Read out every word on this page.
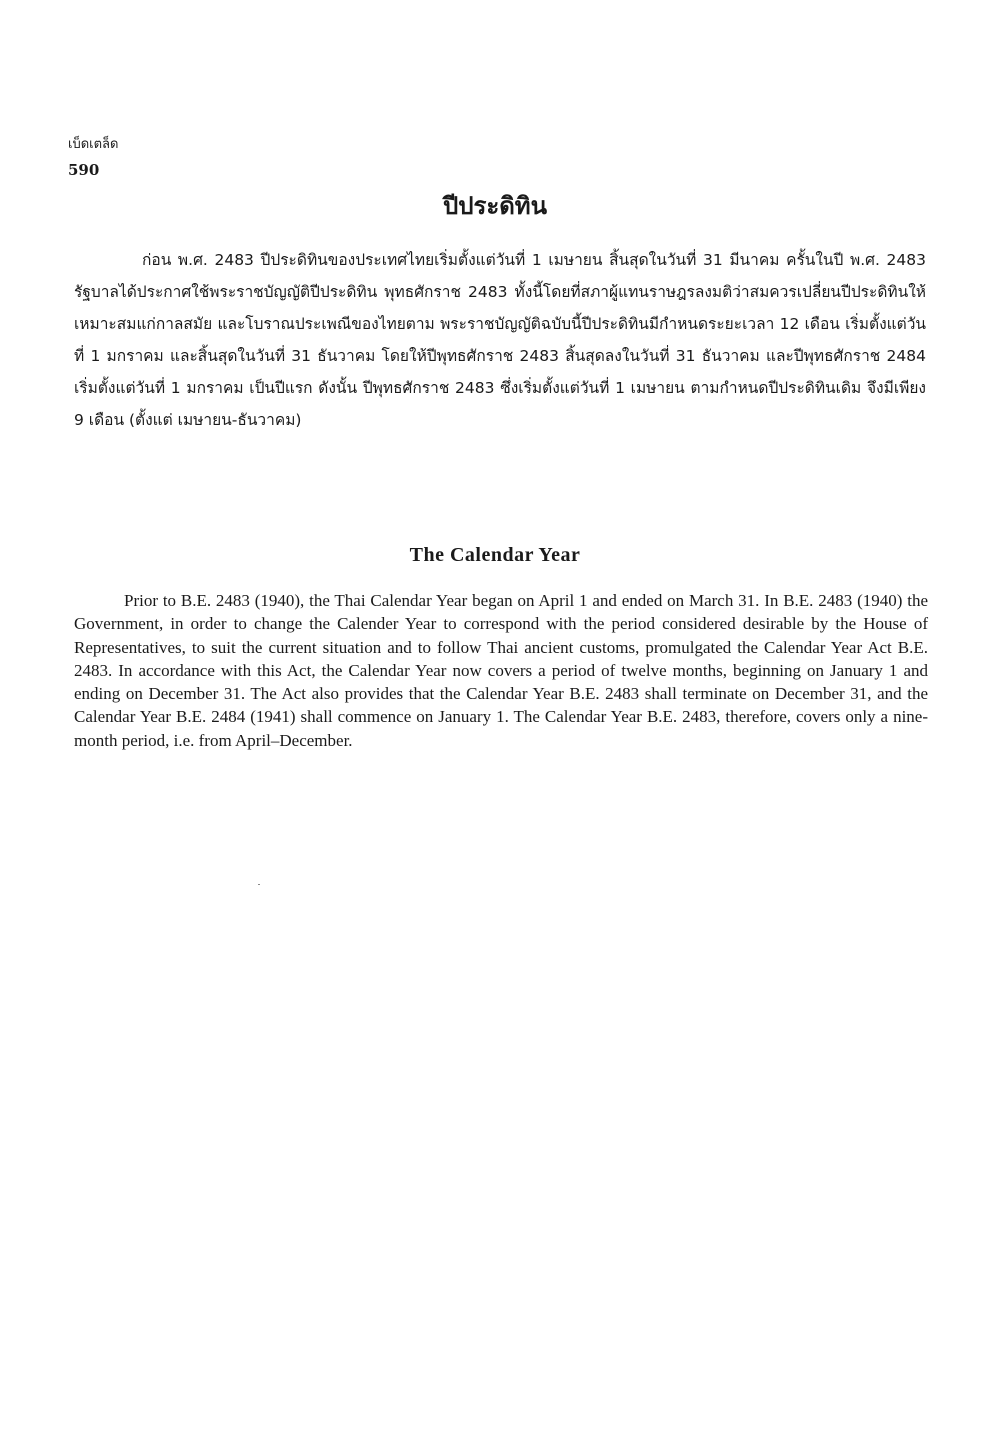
เบ็ดเตล็ด
590
ปีประดิทิน
ก่อน พ.ศ. 2483 ปีประดิทินของประเทศไทยเริ่มตั้งแต่วันที่ 1 เมษายน สิ้นสุดในวันที่ 31 มีนาคม ครั้นในปี พ.ศ. 2483 รัฐบาลได้ประกาศใช้พระราชบัญญัติปีประดิทิน พุทธศักราช 2483 ทั้งนี้โดยที่สภาผู้แทนราษฎรลงมติว่าสมควรเปลี่ยนปีประดิทินให้เหมาะสมแก่กาลสมัย และโบราณประเพณีของไทยตาม พระราชบัญญัติฉบับนี้ปีประดิทินมีกำหนดระยะเวลา 12 เดือน เริ่มตั้งแต่วันที่ 1 มกราคม และสิ้นสุดในวันที่ 31 ธันวาคม โดยให้ปีพุทธศักราช 2483 สิ้นสุดลงในวันที่ 31 ธันวาคม และปีพุทธศักราช 2484 เริ่มตั้งแต่วันที่ 1 มกราคม เป็นปีแรก ดังนั้น ปีพุทธศักราช 2483 ซึ่งเริ่มตั้งแต่วันที่ 1 เมษายน ตามกำหนดปีประดิทินเดิม จึงมีเพียง 9 เดือน (ตั้งแต่ เมษายน-ธันวาคม)
The Calendar Year
Prior to B.E. 2483 (1940), the Thai Calendar Year began on April 1 and ended on March 31. In B.E. 2483 (1940) the Government, in order to change the Calender Year to correspond with the period considered desirable by the House of Representatives, to suit the current situation and to follow Thai ancient customs, promulgated the Calendar Year Act B.E. 2483. In accordance with this Act, the Calendar Year now covers a period of twelve months, beginning on January 1 and ending on December 31. The Act also provides that the Calendar Year B.E. 2483 shall terminate on December 31, and the Calendar Year B.E. 2484 (1941) shall commence on January 1. The Calendar Year B.E. 2483, therefore, covers only a nine-month period, i.e. from April–December.
